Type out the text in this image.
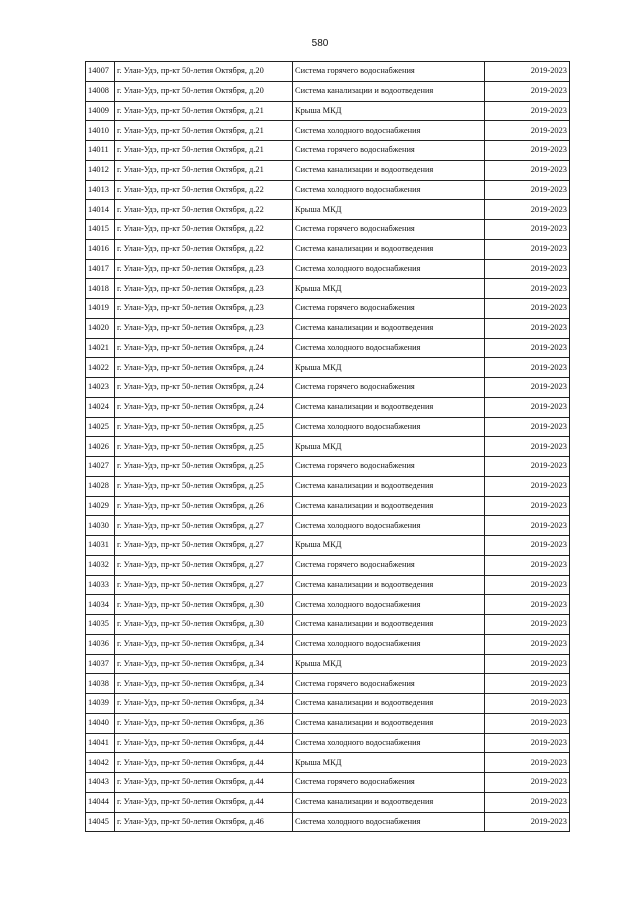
580
14007	г. Улан-Удэ, пр-кт 50-летия Октября, д.20	Система горячего водоснабжения	2019-2023
14008	г. Улан-Удэ, пр-кт 50-летия Октября, д.20	Система канализации и водоотведения	2019-2023
14009	г. Улан-Удэ, пр-кт 50-летия Октября, д.21	Крыша МКД	2019-2023
14010	г. Улан-Удэ, пр-кт 50-летия Октября, д.21	Система холодного водоснабжения	2019-2023
14011	г. Улан-Удэ, пр-кт 50-летия Октября, д.21	Система горячего водоснабжения	2019-2023
14012	г. Улан-Удэ, пр-кт 50-летия Октября, д.21	Система канализации и водоотведения	2019-2023
14013	г. Улан-Удэ, пр-кт 50-летия Октября, д.22	Система холодного водоснабжения	2019-2023
14014	г. Улан-Удэ, пр-кт 50-летия Октября, д.22	Крыша МКД	2019-2023
14015	г. Улан-Удэ, пр-кт 50-летия Октября, д.22	Система горячего водоснабжения	2019-2023
14016	г. Улан-Удэ, пр-кт 50-летия Октября, д.22	Система канализации и водоотведения	2019-2023
14017	г. Улан-Удэ, пр-кт 50-летия Октября, д.23	Система холодного водоснабжения	2019-2023
14018	г. Улан-Удэ, пр-кт 50-летия Октября, д.23	Крыша МКД	2019-2023
14019	г. Улан-Удэ, пр-кт 50-летия Октября, д.23	Система горячего водоснабжения	2019-2023
14020	г. Улан-Удэ, пр-кт 50-летия Октября, д.23	Система канализации и водоотведения	2019-2023
14021	г. Улан-Удэ, пр-кт 50-летия Октября, д.24	Система холодного водоснабжения	2019-2023
14022	г. Улан-Удэ, пр-кт 50-летия Октября, д.24	Крыша МКД	2019-2023
14023	г. Улан-Удэ, пр-кт 50-летия Октября, д.24	Система горячего водоснабжения	2019-2023
14024	г. Улан-Удэ, пр-кт 50-летия Октября, д.24	Система канализации и водоотведения	2019-2023
14025	г. Улан-Удэ, пр-кт 50-летия Октября, д.25	Система холодного водоснабжения	2019-2023
14026	г. Улан-Удэ, пр-кт 50-летия Октября, д.25	Крыша МКД	2019-2023
14027	г. Улан-Удэ, пр-кт 50-летия Октября, д.25	Система горячего водоснабжения	2019-2023
14028	г. Улан-Удэ, пр-кт 50-летия Октября, д.25	Система канализации и водоотведения	2019-2023
14029	г. Улан-Удэ, пр-кт 50-летия Октября, д.26	Система канализации и водоотведения	2019-2023
14030	г. Улан-Удэ, пр-кт 50-летия Октября, д.27	Система холодного водоснабжения	2019-2023
14031	г. Улан-Удэ, пр-кт 50-летия Октября, д.27	Крыша МКД	2019-2023
14032	г. Улан-Удэ, пр-кт 50-летия Октября, д.27	Система горячего водоснабжения	2019-2023
14033	г. Улан-Удэ, пр-кт 50-летия Октября, д.27	Система канализации и водоотведения	2019-2023
14034	г. Улан-Удэ, пр-кт 50-летия Октября, д.30	Система холодного водоснабжения	2019-2023
14035	г. Улан-Удэ, пр-кт 50-летия Октября, д.30	Система канализации и водоотведения	2019-2023
14036	г. Улан-Удэ, пр-кт 50-летия Октября, д.34	Система холодного водоснабжения	2019-2023
14037	г. Улан-Удэ, пр-кт 50-летия Октября, д.34	Крыша МКД	2019-2023
14038	г. Улан-Удэ, пр-кт 50-летия Октября, д.34	Система горячего водоснабжения	2019-2023
14039	г. Улан-Удэ, пр-кт 50-летия Октября, д.34	Система канализации и водоотведения	2019-2023
14040	г. Улан-Удэ, пр-кт 50-летия Октября, д.36	Система канализации и водоотведения	2019-2023
14041	г. Улан-Удэ, пр-кт 50-летия Октября, д.44	Система холодного водоснабжения	2019-2023
14042	г. Улан-Удэ, пр-кт 50-летия Октября, д.44	Крыша МКД	2019-2023
14043	г. Улан-Удэ, пр-кт 50-летия Октября, д.44	Система горячего водоснабжения	2019-2023
14044	г. Улан-Удэ, пр-кт 50-летия Октября, д.44	Система канализации и водоотведения	2019-2023
14045	г. Улан-Удэ, пр-кт 50-летия Октября, д.46	Система холодного водоснабжения	2019-2023
